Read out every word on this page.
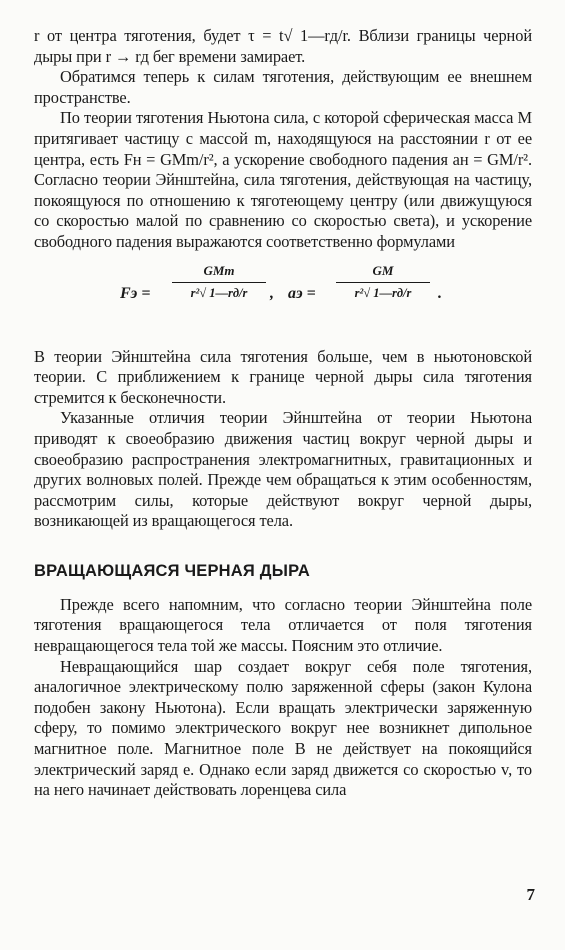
r от центра тяготения, будет τ = t√ 1—rд/r. Вблизи границы черной дыры при r → rд бег времени замирает.

Обратимся теперь к силам тяготения, действующим ее внешнем пространстве.

По теории тяготения Ньютона сила, с которой сферическая масса M притягивает частицу с массой m, находящуюся на расстоянии r от ее центра, есть Fн = GMm/r², а ускорение свободного падения aн = GM/r². Согласно теории Эйнштейна, сила тяготения, действующая на частицу, покоящуюся по отношению к тяготеющему центру (или движущуюся со скоростью малой по сравнению со скоростью света), и ускорение свободного падения выражаются соответственно формулами

Fэ =
GMm
r²√ 1—rд/r	, aэ =
GM
r²√ 1—rд/r	.

В теории Эйнштейна сила тяготения больше, чем в ньютоновской теории. С приближением к границе черной дыры сила тяготения стремится к бесконечности.

Указанные отличия теории Эйнштейна от теории Ньютона приводят к своеобразию движения частиц вокруг черной дыры и своеобразию распространения электромагнитных, гравитационных и других волновых полей. Прежде чем обращаться к этим особенностям, рассмотрим силы, которые действуют вокруг черной дыры, возникающей из вращающегося тела.

ВРАЩАЮЩАЯСЯ ЧЕРНАЯ ДЫРА

Прежде всего напомним, что согласно теории Эйнштейна поле тяготения вращающегося тела отличается от поля тяготения невращающегося тела той же массы. Поясним это отличие.

Невращающийся шар создает вокруг себя поле тяготения, аналогичное электрическому полю заряженной сферы (закон Кулона подобен закону Ньютона). Если вращать электрически заряженную сферу, то помимо электрического вокруг нее возникнет дипольное магнитное поле. Магнитное поле B не действует на покоящийся электрический заряд e. Однако если заряд движется со скоростью v, то на него начинает действовать лоренцева сила

7
